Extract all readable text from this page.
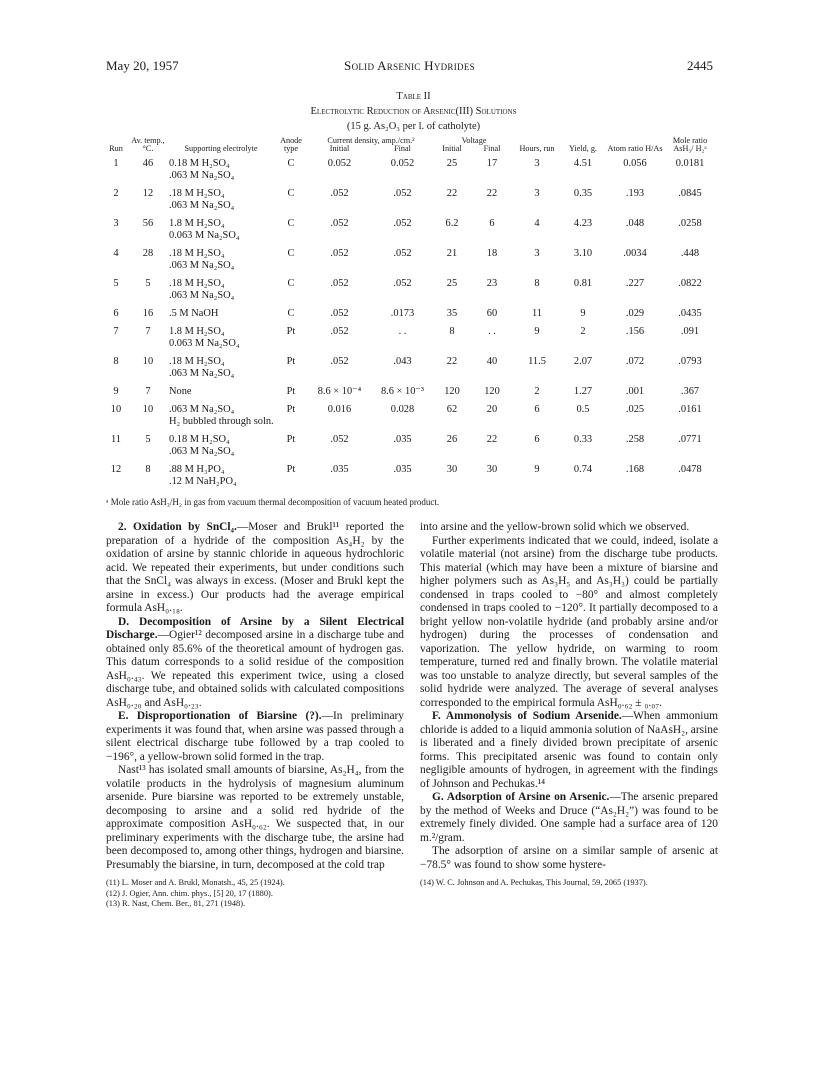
May 20, 1957	Solid Arsenic Hydrides	2445
Table II
Electrolytic Reduction of Arsenic(III) Solutions
(15 g. As₂O₃ per l. of catholyte)
Run	Av. temp., °C.	Supporting electrolyte	Anode type	Current density, amp./cm.²		Voltage		Hours, run	Yield, g.	Atom ratio H/As	Mole ratio AsH₃/ H₂ᵃ
				Initial	Final	Initial	Final				
1	46	0.18 M H₂SO₄	C	0.052	0.052	25	17	3	4.51	0.056	0.0181
		.063 M Na₂SO₄									
2	12	.18 M H₂SO₄	C	.052	.052	22	22	3	0.35	.193	.0845
		.063 M Na₂SO₄									
3	56	1.8 M H₂SO₄	C	.052	.052	6.2	6	4	4.23	.048	.0258
		0.063 M Na₂SO₄									
4	28	.18 M H₂SO₄	C	.052	.052	21	18	3	3.10	.0034	.448
		.063 M Na₂SO₄									
5	5	.18 M H₂SO₄	C	.052	.052	25	23	8	0.81	.227	.0822
		.063 M Na₂SO₄									
6	16	.5 M NaOH	C	.052	.0173	35	60	11	9	.029	.0435
7	7	1.8 M H₂SO₄	Pt	.052	. .	8	. .	9	2	.156	.091
		0.063 M Na₂SO₄									
8	10	.18 M H₂SO₄	Pt	.052	.043	22	40	11.5	2.07	.072	.0793
		.063 M Na₂SO₄									
9	7	None	Pt	8.6 × 10⁻⁴	8.6 × 10⁻³	120	120	2	1.27	.001	.367
10	10	.063 M Na₂SO₄	Pt	0.016	0.028	62	20	6	0.5	.025	.0161
		H₂ bubbled through soln.									
11	5	0.18 M H₂SO₄	Pt	.052	.035	26	22	6	0.33	.258	.0771
		.063 M Na₂SO₄									
12	8	.88 M H₃PO₄	Pt	.035	.035	30	30	9	0.74	.168	.0478
		.12 M NaH₂PO₄									
ᵃ Mole ratio AsH₃/H₂ in gas from vacuum thermal decomposition of vacuum heated product.

2. Oxidation by SnCl₄.—Moser and Brukl¹¹ reported the preparation of a hydride of the composition As₄H₂ by the oxidation of arsine by stannic chloride in aqueous hydrochloric acid. We repeated their experiments, but under conditions such that the SnCl₄ was always in excess. (Moser and Brukl kept the arsine in excess.) Our products had the average empirical formula AsH₀.₁₈.

D. Decomposition of Arsine by a Silent Electrical Discharge.—Ogier¹² decomposed arsine in a discharge tube and obtained only 85.6% of the theoretical amount of hydrogen gas. This datum corresponds to a solid residue of the composition AsH₀.₄₃. We repeated this experiment twice, using a closed discharge tube, and obtained solids with calculated compositions AsH₀.₂₀ and AsH₀.₂₃.

E. Disproportionation of Biarsine (?).—In preliminary experiments it was found that, when arsine was passed through a silent electrical discharge tube followed by a trap cooled to −196°, a yellow-brown solid formed in the trap.

Nast¹³ has isolated small amounts of biarsine, As₂H₄, from the volatile products in the hydrolysis of magnesium aluminum arsenide. Pure biarsine was reported to be extremely unstable, decomposing to arsine and a solid red hydride of the approximate composition AsH₀.₆₂. We suspected that, in our preliminary experiments with the discharge tube, the arsine had been decomposed to, among other things, hydrogen and biarsine. Presumably the biarsine, in turn, decomposed at the cold trap

(11) L. Moser and A. Brukl, Monatsh., 45, 25 (1924).
(12) J. Ogier, Ann. chim. phys., [5] 20, 17 (1880).
(13) R. Nast, Chem. Ber., 81, 271 (1948).

into arsine and the yellow-brown solid which we observed.

Further experiments indicated that we could, indeed, isolate a volatile material (not arsine) from the discharge tube products. This material (which may have been a mixture of biarsine and higher polymers such as As₃H₅ and As₃H₃) could be partially condensed in traps cooled to −80° and almost completely condensed in traps cooled to −120°. It partially decomposed to a bright yellow non-volatile hydride (and probably arsine and/or hydrogen) during the processes of condensation and vaporization. The yellow hydride, on warming to room temperature, turned red and finally brown. The volatile material was too unstable to analyze directly, but several samples of the solid hydride were analyzed. The average of several analyses corresponded to the empirical formula AsH₀.₆₂ ± ₀.₀₇.

F. Ammonolysis of Sodium Arsenide.—When ammonium chloride is added to a liquid ammonia solution of NaAsH₂, arsine is liberated and a finely divided brown precipitate of arsenic forms. This precipitated arsenic was found to contain only negligible amounts of hydrogen, in agreement with the findings of Johnson and Pechukas.¹⁴

G. Adsorption of Arsine on Arsenic.—The arsenic prepared by the method of Weeks and Druce (“As₂H₂”) was found to be extremely finely divided. One sample had a surface area of 120 m.²/gram.

The adsorption of arsine on a similar sample of arsenic at −78.5° was found to show some hystere-

(14) W. C. Johnson and A. Pechukas, This Journal, 59, 2065 (1937).
